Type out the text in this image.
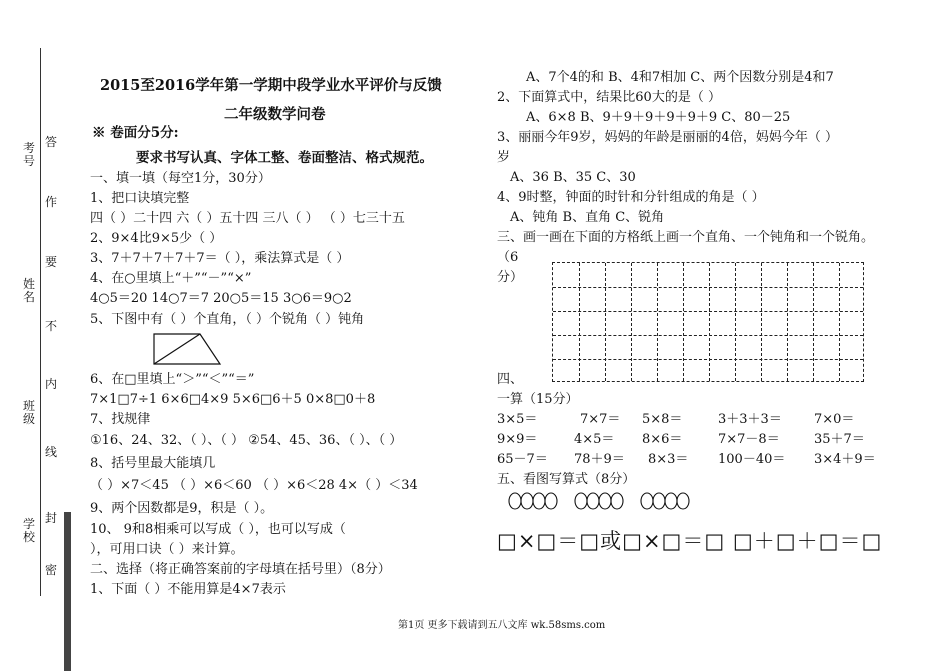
考号
姓名
班级
学校
答
作
要
不
内
线
封
密
2015至2016学年第一学期中段学业水平评价与反馈
二年级数学问卷
※ 卷面分5分:
要求书写认真、字体工整、卷面整洁、格式规范。
一、填一填（每空1分，30分）
1、把口诀填完整
四（ ）二十四 六（ ）五十四 三八（ ） （ ）七三十五
2、9×4比9×5少（ ）
3、7＋7＋7＋7＋7＝（ ），乘法算式是（ ）
4、在○里填上“＋”“－”“×”
4○5＝20 14○7＝7 20○5＝15 3○6＝9○2
5、下图中有（ ）个直角，（ ）个锐角（ ）钝角
6、在□里填上“＞”“＜”“＝”
7×1□7÷1 6×6□4×9 5×6□6＋5 0×8□0＋8
7、找规律
①16、24、32、（ ）、（ ） ②54、45、36、（ ）、（ ）
8、括号里最大能填几
（ ）×7＜45 （ ）×6＜60 （ ）×6＜28 4×（ ）＜34
9、两个因数都是9，积是（ ）。
10、 9和8相乘可以写成（ ），也可以写成（
），可用口诀（ ）来计算。
二、选择（将正确答案前的字母填在括号里）（8分）
1、下面（ ）不能用算是4×7表示
A、7个4的和 B、4和7相加 C、两个因数分别是4和7
2、下面算式中，结果比60大的是（ ）
A、6×8 B、9＋9＋9＋9＋9＋9 C、80－25
3、丽丽今年9岁，妈妈的年龄是丽丽的4倍，妈妈今年（ ）
岁
A、36 B、35 C、30
4、9时整，钟面的时针和分针组成的角是（ ）
A、钝角 B、直角 C、锐角
三、画一画在下面的方格纸上画一个直角、一个钝角和一个锐角。
（6
分）
四、
一算（15分）
3×5＝	7×7＝ 5×8＝	3＋3＋3＝ 7×0＝
9×9＝	4×5＝ 8×6＝	7×7－8＝	35＋7＝
65－7＝ 78＋9＝ 8×3＝ 100－40＝ 3×4＋9＝
五、看图写算式（8分）
□×□＝□或□×□＝□ □＋□＋□＝□
第1页 更多下载请到五八文库 wk.58sms.com
